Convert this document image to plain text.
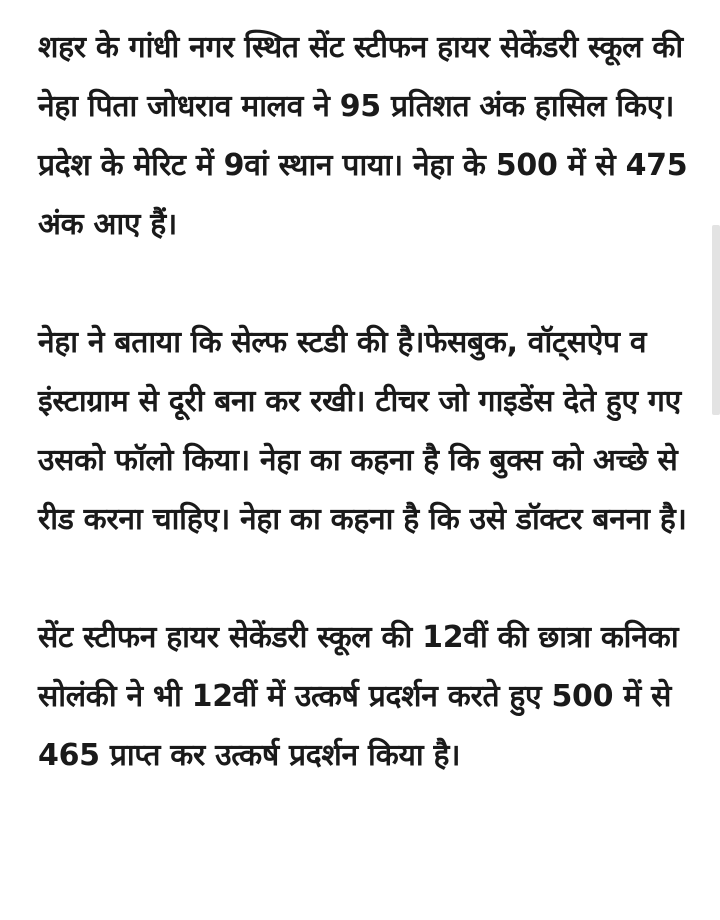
शहर के गांधी नगर स्थित सेंट स्टीफन हायर सेकेंडरी स्कूल की नेहा पिता जोधराव मालव ने 95 प्रतिशत अंक हासिल किए। प्रदेश के मेरिट में 9वां स्थान पाया। नेहा के 500 में से 475 अंक आए हैं।

नेहा ने बताया कि सेल्फ स्टडी की है।फेसबुक, वॉट्सऐप व इंस्टाग्राम से दूरी बना कर रखी। टीचर जो गाइडेंस देते हुए गए उसको फॉलो किया। नेहा का कहना है कि बुक्स को अच्छे से रीड करना चाहिए। नेहा का कहना है कि उसे डॉक्टर बनना है।

सेंट स्टीफन हायर सेकेंडरी स्कूल की 12वीं की छात्रा कनिका सोलंकी ने भी 12वीं में उत्कर्ष प्रदर्शन करते हुए 500 में से 465 प्राप्त कर उत्कर्ष प्रदर्शन किया है।
